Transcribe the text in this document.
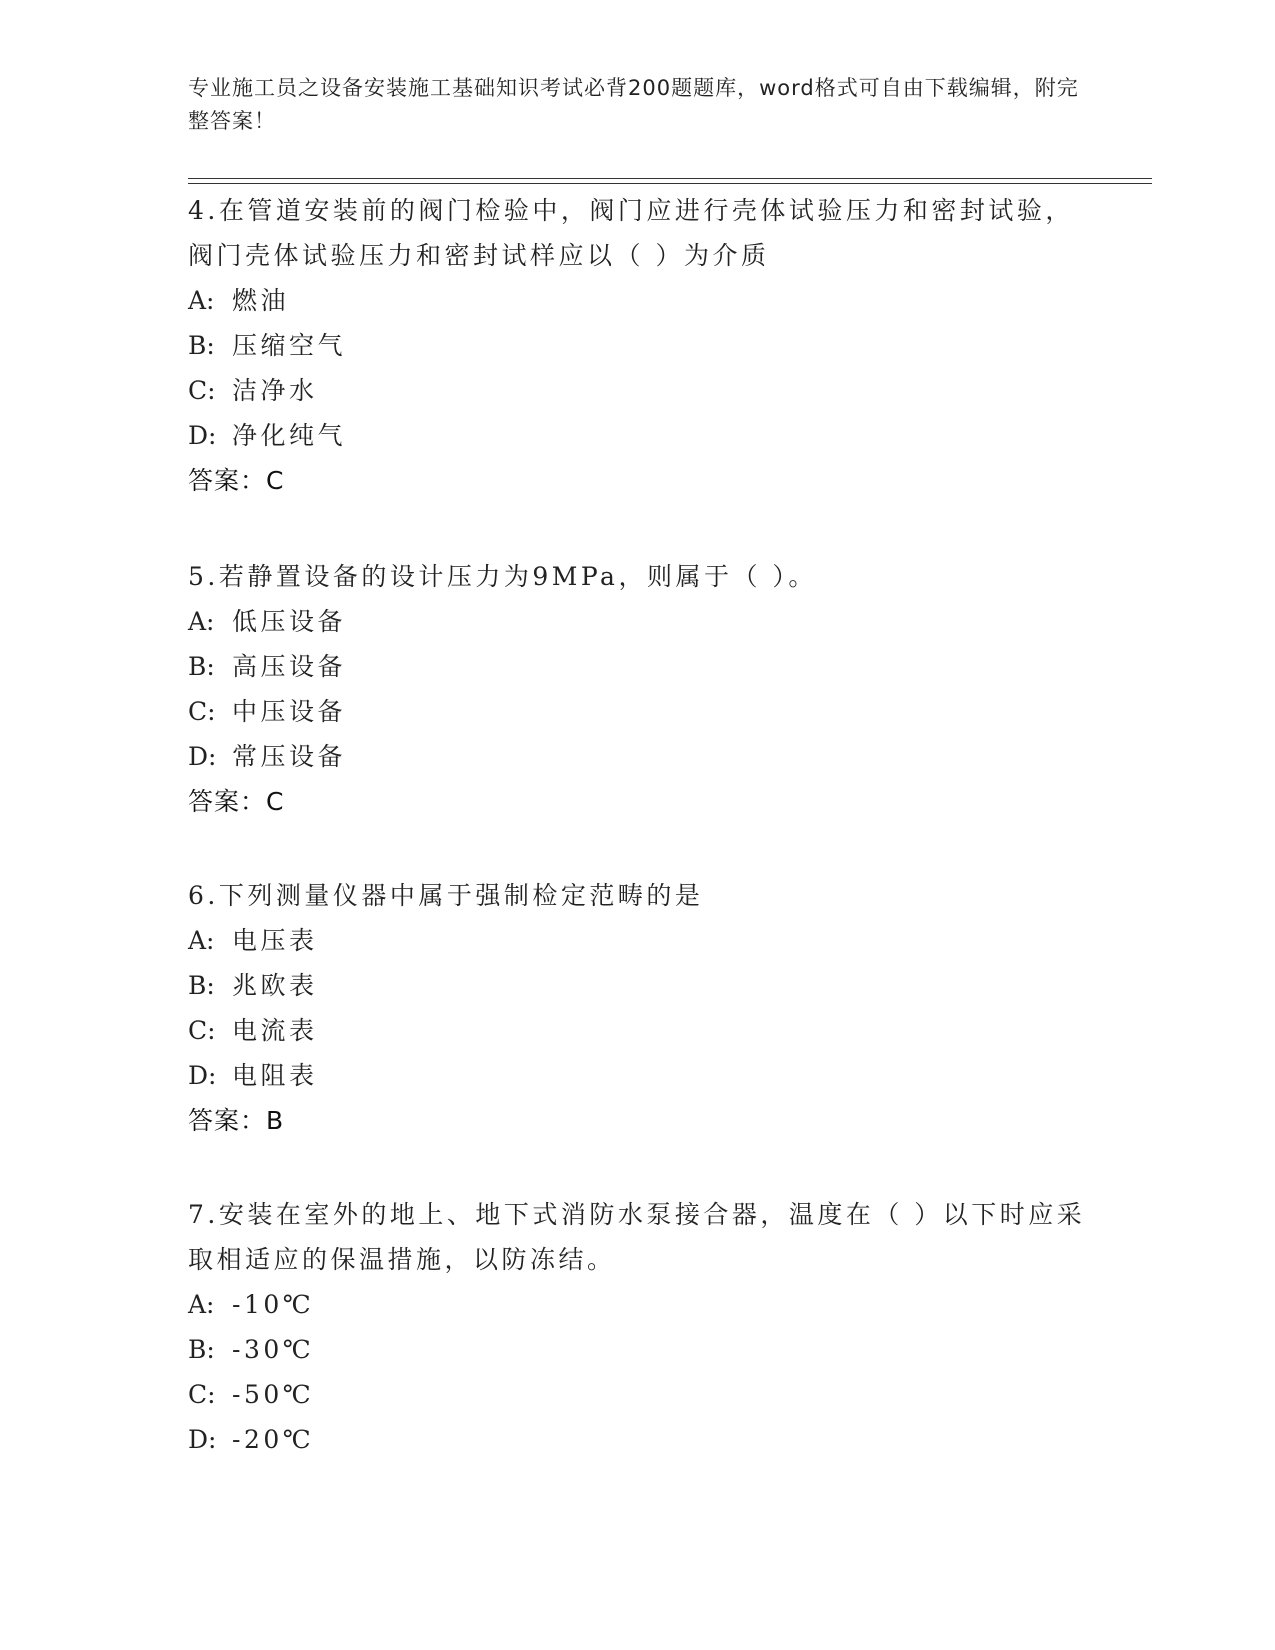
专业施工员之设备安装施工基础知识考试必背200题题库，word格式可自由下载编辑，附完整答案！

4.在管道安装前的阀门检验中，阀门应进行壳体试验压力和密封试验，阀门壳体试验压力和密封试样应以（ ）为介质

A: 燃油

B: 压缩空气

C: 洁净水

D: 净化纯气

答案：C

5.若静置设备的设计压力为9MPa，则属于（ ）。

A: 低压设备

B: 高压设备

C: 中压设备

D: 常压设备

答案：C

6.下列测量仪器中属于强制检定范畴的是

A: 电压表

B: 兆欧表

C: 电流表

D: 电阻表

答案：B

7.安装在室外的地上、地下式消防水泵接合器，温度在（ ）以下时应采取相适应的保温措施，以防冻结。

A: -10℃

B: -30℃

C: -50℃

D: -20℃
